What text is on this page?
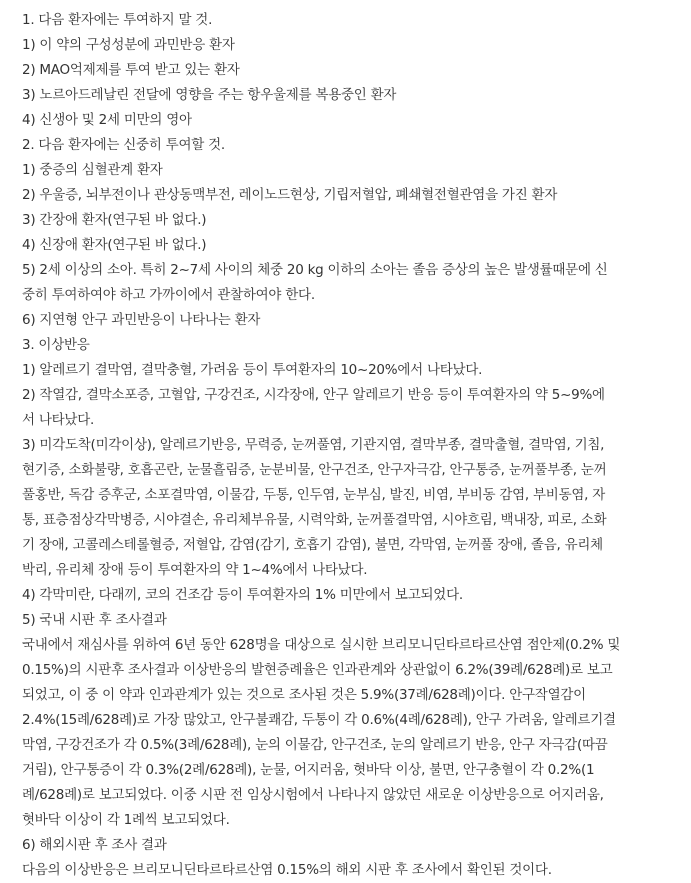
1. 다음 환자에는 투여하지 말 것.
1) 이 약의 구성성분에 과민반응 환자
2) MAO억제제를 투여 받고 있는 환자
3) 노르아드레날린 전달에 영향을 주는 항우울제를 복용중인 환자
4) 신생아 및 2세 미만의 영아
2. 다음 환자에는 신중히 투여할 것.
1) 중증의 심혈관계 환자
2) 우울증, 뇌부전이나 관상동맥부전, 레이노드현상, 기립저혈압, 폐쇄혈전혈관염을 가진 환자
3) 간장애 환자(연구된 바 없다.)
4) 신장애 환자(연구된 바 없다.)
5) 2세 이상의 소아. 특히 2~7세 사이의 체중 20 kg 이하의 소아는 졸음 증상의 높은 발생률때문에 신
중히 투여하여야 하고 가까이에서 관찰하여야 한다.
6) 지연형 안구 과민반응이 나타나는 환자
3. 이상반응
1) 알레르기 결막염, 결막충혈, 가려움 등이 투여환자의 10~20%에서 나타났다.
2) 작열감, 결막소포증, 고혈압, 구강건조, 시각장애, 안구 알레르기 반응 등이 투여환자의 약 5~9%에
서 나타났다.
3) 미각도착(미각이상), 알레르기반응, 무력증, 눈꺼풀염, 기관지염, 결막부종, 결막출혈, 결막염, 기침,
현기증, 소화불량, 호흡곤란, 눈물흘림증, 눈분비물, 안구건조, 안구자극감, 안구통증, 눈꺼풀부종, 눈꺼
풀홍반, 독감 증후군, 소포결막염, 이물감, 두통, 인두염, 눈부심, 발진, 비염, 부비동 감염, 부비동염, 자
통, 표층점상각막병증, 시야결손, 유리체부유물, 시력악화, 눈꺼풀결막염, 시야흐림, 백내장, 피로, 소화
기 장애, 고콜레스테롤혈증, 저혈압, 감염(감기, 호흡기 감염), 불면, 각막염, 눈꺼풀 장애, 졸음, 유리체
박리, 유리체 장애 등이 투여환자의 약 1~4%에서 나타났다.
4) 각막미란, 다래끼, 코의 건조감 등이 투여환자의 1% 미만에서 보고되었다.
5) 국내 시판 후 조사결과
국내에서 재심사를 위하여 6년 동안 628명을 대상으로 실시한 브리모니딘타르타르산염 점안제(0.2% 및
0.15%)의 시판후 조사결과 이상반응의 발현증례율은 인과관계와 상관없이 6.2%(39례/628례)로 보고
되었고, 이 중 이 약과 인과관계가 있는 것으로 조사된 것은 5.9%(37례/628례)이다. 안구작열감이
2.4%(15례/628례)로 가장 많았고, 안구불쾌감, 두통이 각 0.6%(4례/628례), 안구 가려움, 알레르기결
막염, 구강건조가 각 0.5%(3례/628례), 눈의 이물감, 안구건조, 눈의 알레르기 반응, 안구 자극감(따끔
거림), 안구통증이 각 0.3%(2례/628례), 눈물, 어지러움, 혓바닥 이상, 불면, 안구충혈이 각 0.2%(1
례/628례)로 보고되었다. 이중 시판 전 임상시험에서 나타나지 않았던 새로운 이상반응으로 어지러움,
혓바닥 이상이 각 1례씩 보고되었다.
6) 해외시판 후 조사 결과
다음의 이상반응은 브리모니딘타르타르산염 0.15%의 해외 시판 후 조사에서 확인된 것이다.
